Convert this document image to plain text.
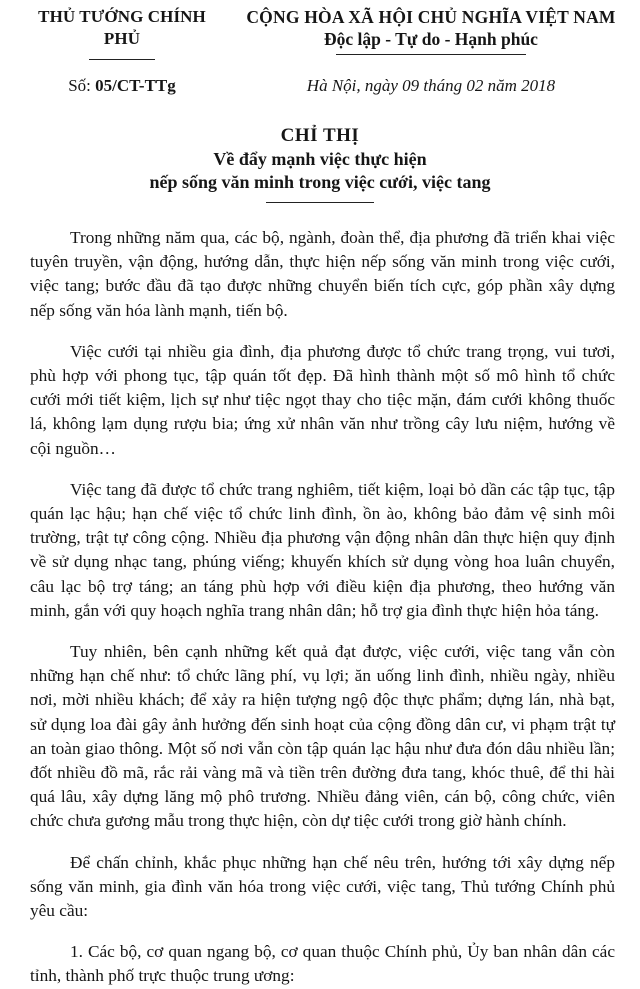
THỦ TƯỚNG CHÍNH PHỦ
CỘNG HÒA XÃ HỘI CHỦ NGHĨA VIỆT NAM
Độc lập - Tự do - Hạnh phúc
Số: 05/CT-TTg	Hà Nội, ngày 09 tháng 02 năm 2018
CHỈ THỊ
Về đẩy mạnh việc thực hiện
nếp sống văn minh trong việc cưới, việc tang

Trong những năm qua, các bộ, ngành, đoàn thể, địa phương đã triển khai việc tuyên truyền, vận động, hướng dẫn, thực hiện nếp sống văn minh trong việc cưới, việc tang; bước đầu đã tạo được những chuyển biến tích cực, góp phần xây dựng nếp sống văn hóa lành mạnh, tiến bộ.

Việc cưới tại nhiều gia đình, địa phương được tổ chức trang trọng, vui tươi, phù hợp với phong tục, tập quán tốt đẹp. Đã hình thành một số mô hình tổ chức cưới mới tiết kiệm, lịch sự như tiệc ngọt thay cho tiệc mặn, đám cưới không thuốc lá, không lạm dụng rượu bia; ứng xử nhân văn như trồng cây lưu niệm, hướng về cội nguồn…

Việc tang đã được tổ chức trang nghiêm, tiết kiệm, loại bỏ dần các tập tục, tập quán lạc hậu; hạn chế việc tổ chức linh đình, ồn ào, không bảo đảm vệ sinh môi trường, trật tự công cộng. Nhiều địa phương vận động nhân dân thực hiện quy định về sử dụng nhạc tang, phúng viếng; khuyến khích sử dụng vòng hoa luân chuyển, câu lạc bộ trợ táng; an táng phù hợp với điều kiện địa phương, theo hướng văn minh, gắn với quy hoạch nghĩa trang nhân dân; hỗ trợ gia đình thực hiện hỏa táng.

Tuy nhiên, bên cạnh những kết quả đạt được, việc cưới, việc tang vẫn còn những hạn chế như: tổ chức lãng phí, vụ lợi; ăn uống linh đình, nhiều ngày, nhiều nơi, mời nhiều khách; để xảy ra hiện tượng ngộ độc thực phẩm; dựng lán, nhà bạt, sử dụng loa đài gây ảnh hưởng đến sinh hoạt của cộng đồng dân cư, vi phạm trật tự an toàn giao thông. Một số nơi vẫn còn tập quán lạc hậu như đưa đón dâu nhiều lần; đốt nhiều đồ mã, rắc rải vàng mã và tiền trên đường đưa tang, khóc thuê, để thi hài quá lâu, xây dựng lăng mộ phô trương. Nhiều đảng viên, cán bộ, công chức, viên chức chưa gương mẫu trong thực hiện, còn dự tiệc cưới trong giờ hành chính.

Để chấn chỉnh, khắc phục những hạn chế nêu trên, hướng tới xây dựng nếp sống văn minh, gia đình văn hóa trong việc cưới, việc tang, Thủ tướng Chính phủ yêu cầu:

1. Các bộ, cơ quan ngang bộ, cơ quan thuộc Chính phủ, Ủy ban nhân dân các tỉnh, thành phố trực thuộc trung ương:
